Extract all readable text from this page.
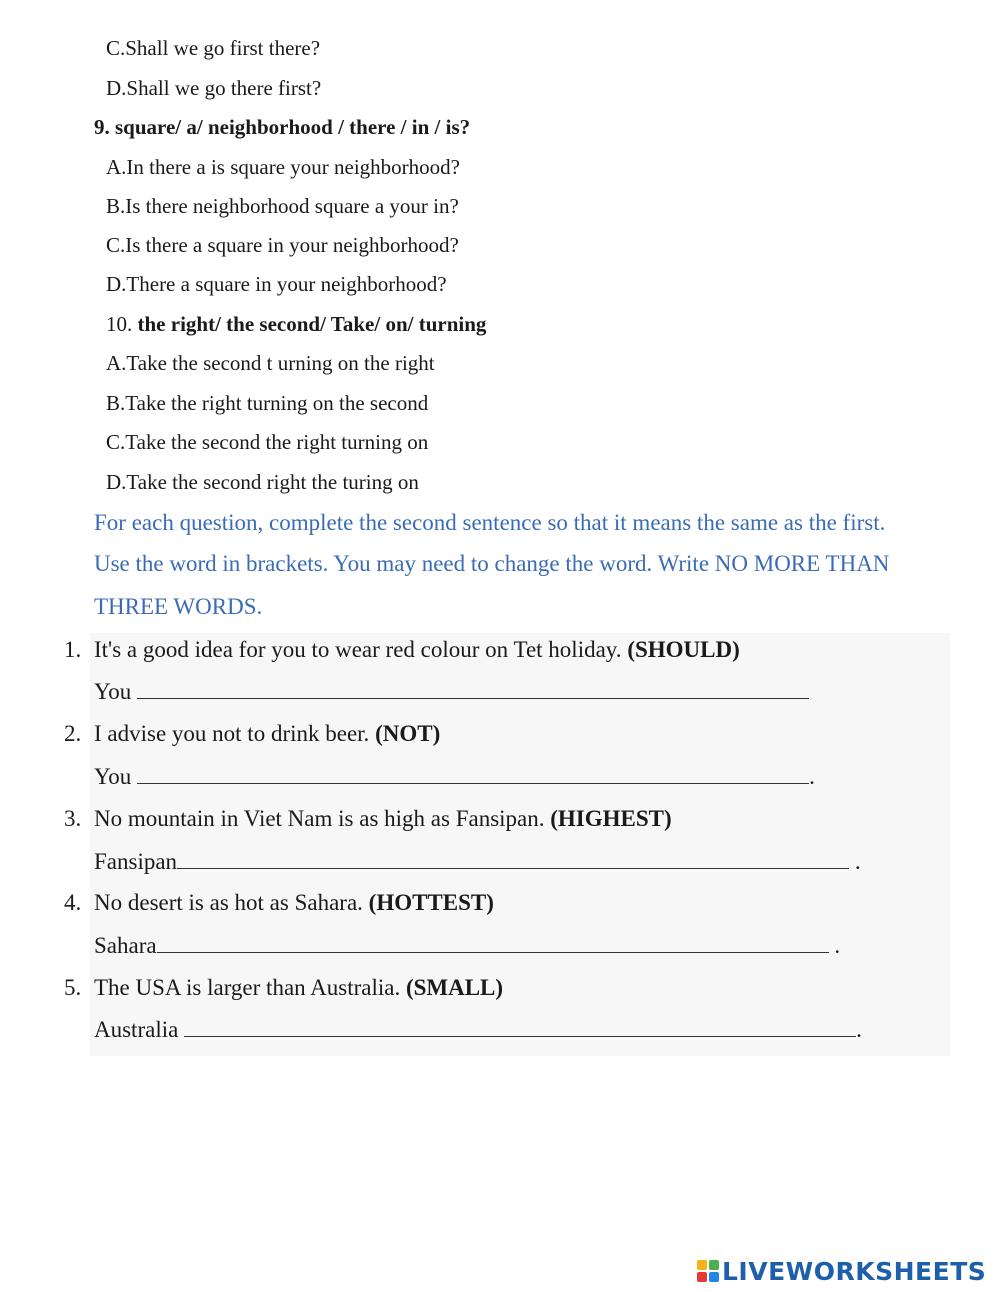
C.Shall we go first there?
D.Shall we go there first?
9. square/ a/ neighborhood / there / in / is?
A.In there a is square your neighborhood?
B.Is there neighborhood square a your in?
C.Is there a square in your neighborhood?
D.There a square in your neighborhood?
10. the right/ the second/ Take/ on/ turning
A.Take the second t urning on the right
B.Take the right turning on the second
C.Take the second the right turning on
D.Take the second right the turing on
For each question, complete the second sentence so that it means the same as the first.
Use the word in brackets. You may need to change the word. Write NO MORE THAN
THREE WORDS.
1. It's a good idea for you to wear red colour on Tet holiday. (SHOULD)
You
2. I advise you not to drink beer. (NOT)
You	.
3. No mountain in Viet Nam is as high as Fansipan. (HIGHEST)
Fansipan	.
4. No desert is as hot as Sahara. (HOTTEST)
Sahara	.
5. The USA is larger than Australia. (SMALL)
Australia	.
LIVEWORKSHEETS
